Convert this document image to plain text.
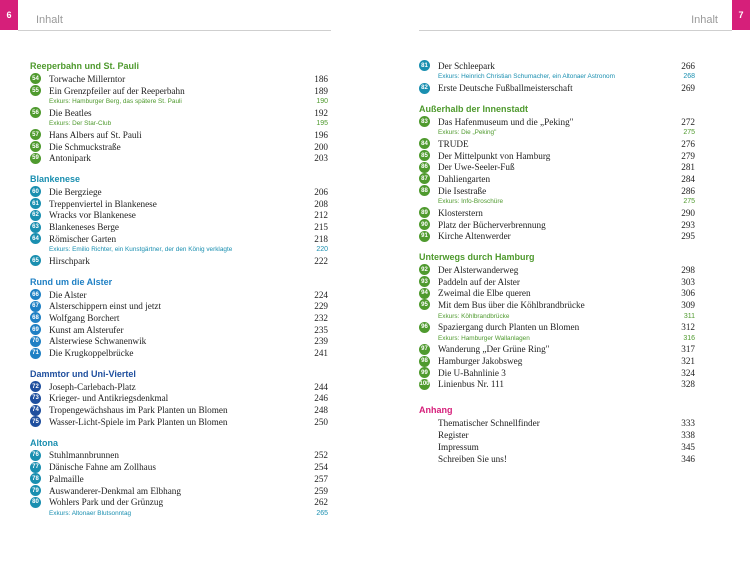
6	Inhalt
Reeperbahn und St. Pauli
54 Torwache Millerntor	186
55 Ein Grenzpfeiler auf der Reeperbahn	189
Exkurs: Hamburger Berg, das spätere St. Pauli	190
56 Die Beatles	192
Exkurs: Der Star-Club	195
57 Hans Albers auf St. Pauli	196
58 Die Schmuckstraße	200
59 Antonipark	203
Blankenese
60 Die Bergziege	206
61 Treppenviertel in Blankenese	208
62 Wracks vor Blankenese	212
63 Blankeneses Berge	215
64 Römischer Garten	218
Exkurs: Emilio Richter, ein Kunstgärtner, der den König verklagte	220
65 Hirschpark	222
Rund um die Alster
66 Die Alster	224
67 Alsterschippern einst und jetzt	229
68 Wolfgang Borchert	232
69 Kunst am Alsterufer	235
70 Alsterwiese Schwanenwik	239
71 Die Krugkoppelbrücke	241
Dammtor und Uni-Viertel
72 Joseph-Carlebach-Platz	244
73 Krieger- und Antikriegsdenkmal	246
74 Tropengewächshaus im Park Planten un Blomen	248
75 Wasser-Licht-Spiele im Park Planten un Blomen	250
Altona
76 Stuhlmannbrunnen	252
77 Dänische Fahne am Zollhaus	254
78 Palmaille	257
79 Auswanderer-Denkmal am Elbhang	259
80 Wohlers Park und der Grünzug	262
Exkurs: Altonaer Blutsonntag	265
7
Inhalt
81 Der Schleepark	266
Exkurs: Heinrich Christian Schumacher, ein Altonaer Astronom	268
82 Erste Deutsche Fußballmeisterschaft	269
Außerhalb der Innenstadt
83 Das Hafenmuseum und die „Peking"	272
Exkurs: Die „Peking"	275
84 TRUDE	276
85 Der Mittelpunkt von Hamburg	279
86 Der Uwe-Seeler-Fuß	281
87 Dahliengarten	284
88 Die Isestraße	286
Exkurs: Info-Broschüre	275
89 Klosterstern	290
90 Platz der Bücherverbrennung	293
91 Kirche Altenwerder	295
Unterwegs durch Hamburg
92 Der Alsterwanderweg	298
93 Paddeln auf der Alster	303
94 Zweimal die Elbe queren	306
95 Mit dem Bus über die Köhlbrandbrücke	309
Exkurs: Köhlbrandbrücke	311
96 Spaziergang durch Planten un Blomen	312
Exkurs: Hamburger Wallanlagen	316
97 Wanderung „Der Grüne Ring"	317
98 Hamburger Jakobsweg	321
99 Die U-Bahnlinie 3	324
100 Linienbus Nr. 111	328
Anhang
Thematischer Schnellfinder	333
Register	338
Impressum	345
Schreiben Sie uns!	346
